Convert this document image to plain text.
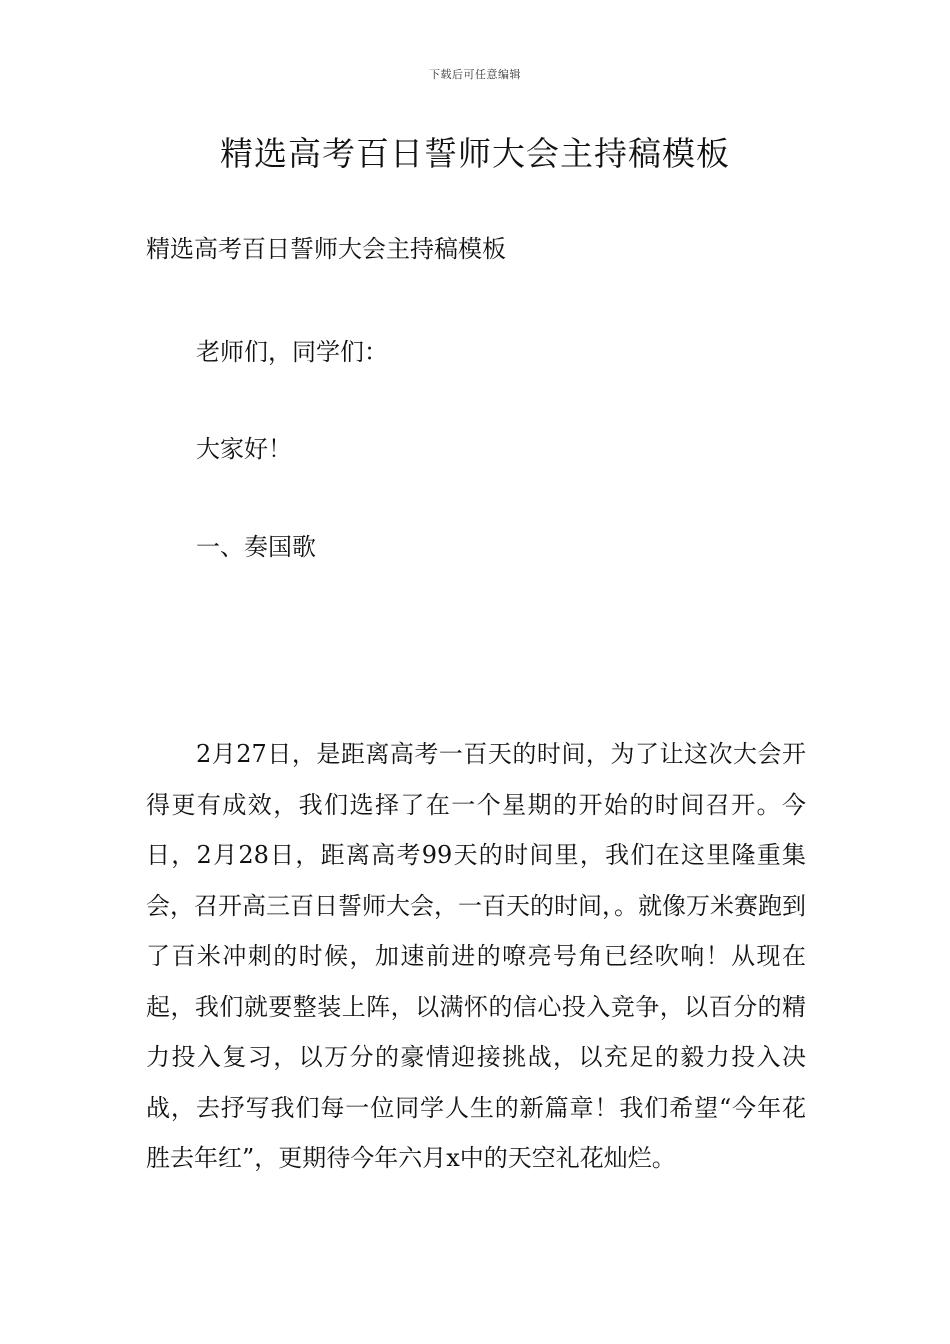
下载后可任意编辑
精选高考百日誓师大会主持稿模板
精选高考百日誓师大会主持稿模板
老师们，同学们：
大家好！
一、奏国歌

2月27日，是距离高考一百天的时间，为了让这次大会开得更有成效，我们选择了在一个星期的开始的时间召开。今日，2月28日，距离高考99天的时间里，我们在这里隆重集会，召开高三百日誓师大会，一百天的时间，。就像万米赛跑到了百米冲刺的时候，加速前进的嘹亮号角已经吹响！从现在起，我们就要整装上阵，以满怀的信心投入竞争，以百分的精力投入复习，以万分的豪情迎接挑战，以充足的毅力投入决战，去抒写我们每一位同学人生的新篇章！我们希望“今年花胜去年红”，更期待今年六月x中的天空礼花灿烂。
